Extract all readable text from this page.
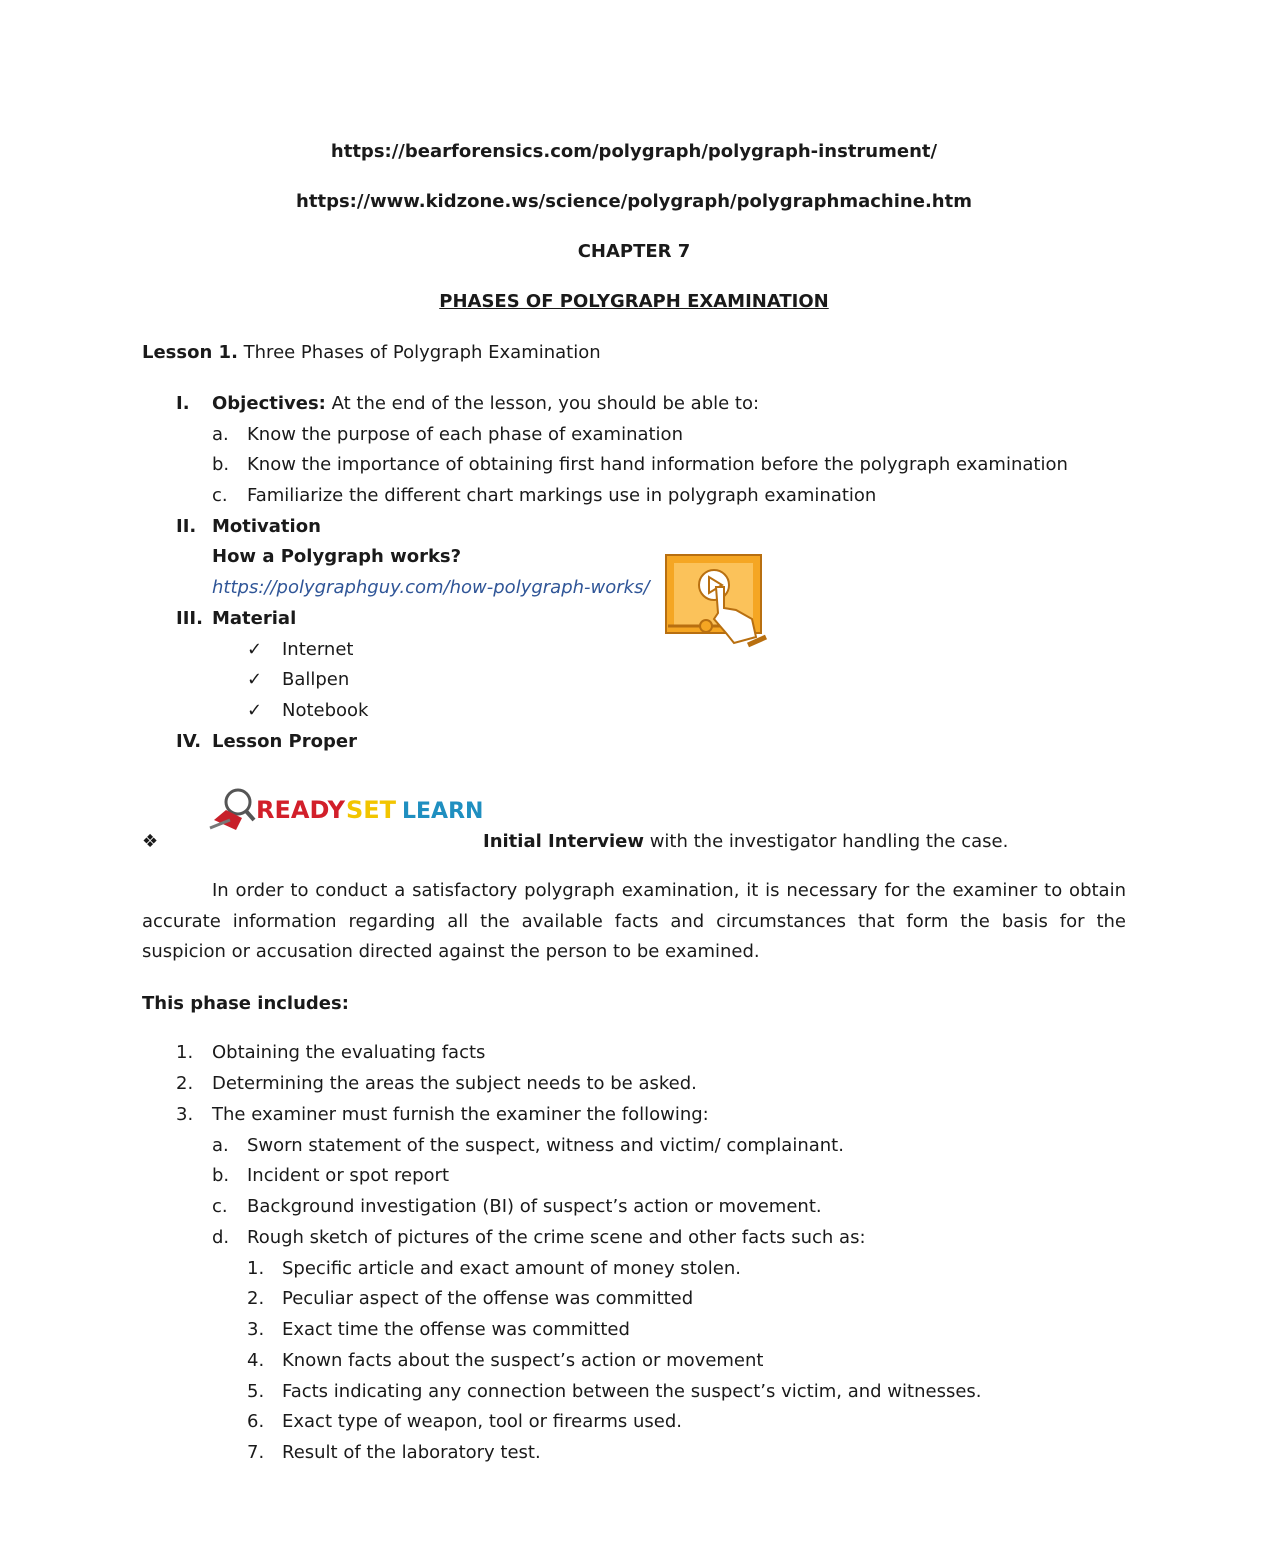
https://bearforensics.com/polygraph/polygraph-instrument/
https://www.kidzone.ws/science/polygraph/polygraphmachine.htm
CHAPTER 7
PHASES OF POLYGRAPH EXAMINATION
Lesson 1. Three Phases of Polygraph Examination
I. Objectives: At the end of the lesson, you should be able to:
a. Know the purpose of each phase of examination
b. Know the importance of obtaining first hand information before the polygraph examination
c. Familiarize the different chart markings use in polygraph examination
II. Motivation
How a Polygraph works?
https://polygraphguy.com/how-polygraph-works/
III. Material
✓ Internet
✓ Ballpen
✓ Notebook
IV. Lesson Proper
READY SET LEARN
❖	Initial Interview with the investigator handling the case.
In order to conduct a satisfactory polygraph examination, it is necessary for the examiner to obtain accurate information regarding all the available facts and circumstances that form the basis for the suspicion or accusation directed against the person to be examined.
This phase includes:
1. Obtaining the evaluating facts
2. Determining the areas the subject needs to be asked.
3. The examiner must furnish the examiner the following:
a. Sworn statement of the suspect, witness and victim/ complainant.
b. Incident or spot report
c. Background investigation (BI) of suspect’s action or movement.
d. Rough sketch of pictures of the crime scene and other facts such as:
1. Specific article and exact amount of money stolen.
2. Peculiar aspect of the offense was committed
3. Exact time the offense was committed
4. Known facts about the suspect’s action or movement
5. Facts indicating any connection between the suspect’s victim, and witnesses.
6. Exact type of weapon, tool or firearms used.
7. Result of the laboratory test.
